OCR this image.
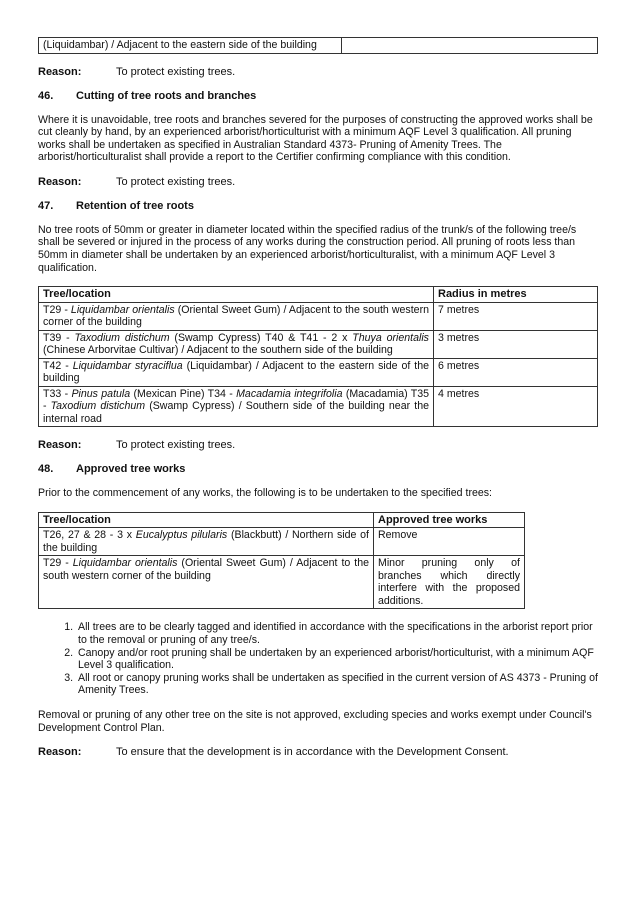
(Liquidambar) / Adjacent to the eastern side of the building	
Reason:	To protect existing trees.
46.	Cutting of tree roots and branches

Where it is unavoidable, tree roots and branches severed for the purposes of constructing the approved works shall be cut cleanly by hand, by an experienced arborist/horticulturist with a minimum AQF Level 3 qualification. All pruning works shall be undertaken as specified in Australian Standard 4373- Pruning of Amenity Trees. The arborist/horticulturalist shall provide a report to the Certifier confirming compliance with this condition.

Reason:	To protect existing trees.
47.	Retention of tree roots

No tree roots of 50mm or greater in diameter located within the specified radius of the trunk/s of the following tree/s shall be severed or injured in the process of any works during the construction period. All pruning of roots less than 50mm in diameter shall be undertaken by an experienced arborist/horticulturalist, with a minimum AQF Level 3 qualification.

Tree/location	Radius in metres
T29 - Liquidambar orientalis (Oriental Sweet Gum) / Adjacent to the south western corner of the building	7 metres
T39 - Taxodium distichum (Swamp Cypress) T40 & T41 - 2 x Thuya orientalis (Chinese Arborvitae Cultivar) / Adjacent to the southern side of the building	3 metres
T42 - Liquidambar styraciflua (Liquidambar) / Adjacent to the eastern side of the building	6 metres
T33 - Pinus patula (Mexican Pine) T34 - Macadamia integrifolia (Macadamia) T35 - Taxodium distichum (Swamp Cypress) / Southern side of the building near the internal road	4 metres
Reason:	To protect existing trees.
48.	Approved tree works

Prior to the commencement of any works, the following is to be undertaken to the specified trees:

Tree/location	Approved tree works
T26, 27 & 28 - 3 x Eucalyptus pilularis (Blackbutt) / Northern side of the building	Remove
T29 - Liquidambar orientalis (Oriental Sweet Gum) / Adjacent to the south western corner of the building	Minor pruning only of branches which directly interfere with the proposed additions.
1. All trees are to be clearly tagged and identified in accordance with the specifications in the arborist report prior to the removal or pruning of any tree/s.
2. Canopy and/or root pruning shall be undertaken by an experienced arborist/horticulturist, with a minimum AQF Level 3 qualification.
3. All root or canopy pruning works shall be undertaken as specified in the current version of AS 4373 - Pruning of Amenity Trees.

Removal or pruning of any other tree on the site is not approved, excluding species and works exempt under Council's Development Control Plan.

Reason:	To ensure that the development is in accordance with the Development Consent.
